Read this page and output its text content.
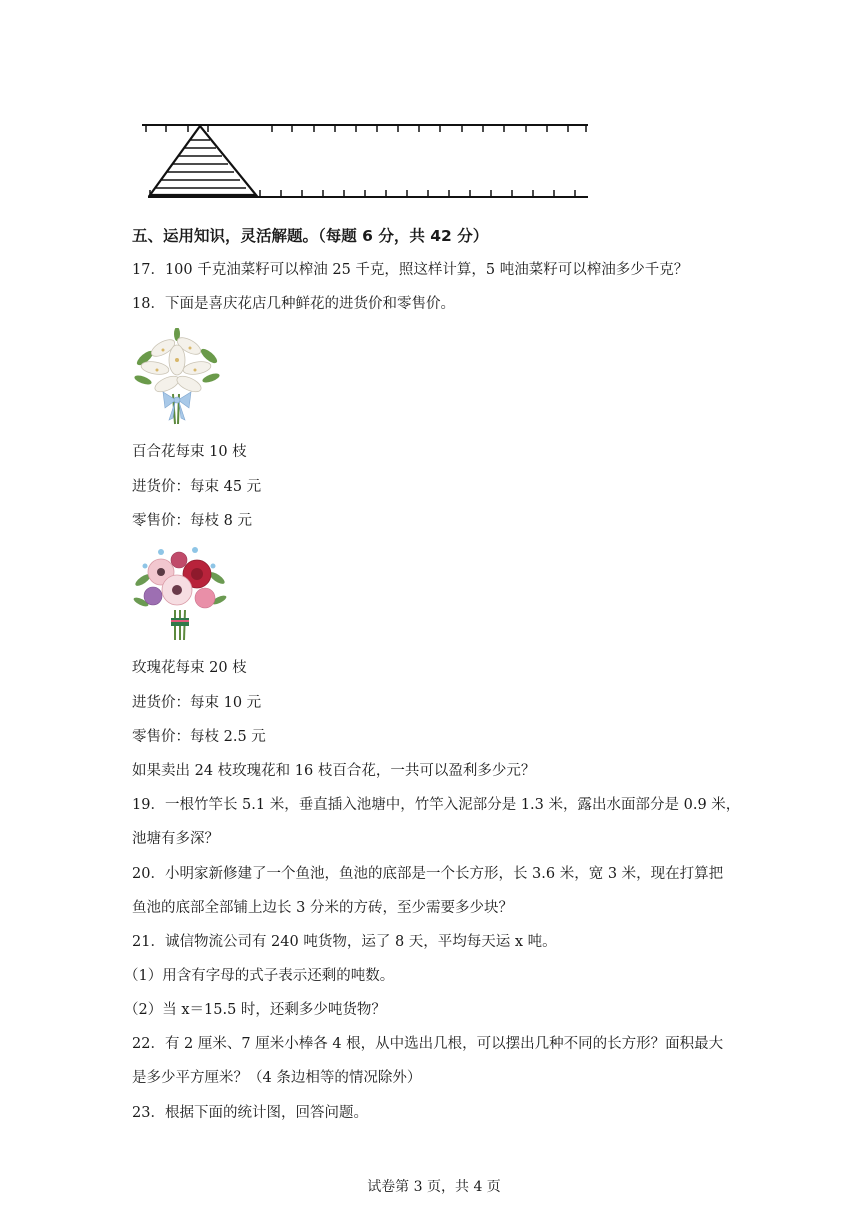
五、运用知识，灵活解题。（每题 6 分，共 42 分）

17．100 千克油菜籽可以榨油 25 千克，照这样计算，5 吨油菜籽可以榨油多少千克？

18．下面是喜庆花店几种鲜花的进货价和零售价。

百合花每束 10 枝

进货价：每束 45 元

零售价：每枝 8 元

玫瑰花每束 20 枝

进货价：每束 10 元

零售价：每枝 2.5 元

如果卖出 24 枝玫瑰花和 16 枝百合花，一共可以盈利多少元？

19．一根竹竿长 5.1 米，垂直插入池塘中，竹竿入泥部分是 1.3 米，露出水面部分是 0.9 米，

池塘有多深？

20．小明家新修建了一个鱼池，鱼池的底部是一个长方形，长 3.6 米，宽 3 米，现在打算把

鱼池的底部全部铺上边长 3 分米的方砖，至少需要多少块？

21．诚信物流公司有 240 吨货物，运了 8 天，平均每天运 x 吨。

（1）用含有字母的式子表示还剩的吨数。

（2）当 x＝15.5 时，还剩多少吨货物？

22．有 2 厘米、7 厘米小棒各 4 根，从中选出几根，可以摆出几种不同的长方形？面积最大

是多少平方厘米？（4 条边相等的情况除外）

23．根据下面的统计图，回答问题。

试卷第 3 页，共 4 页
